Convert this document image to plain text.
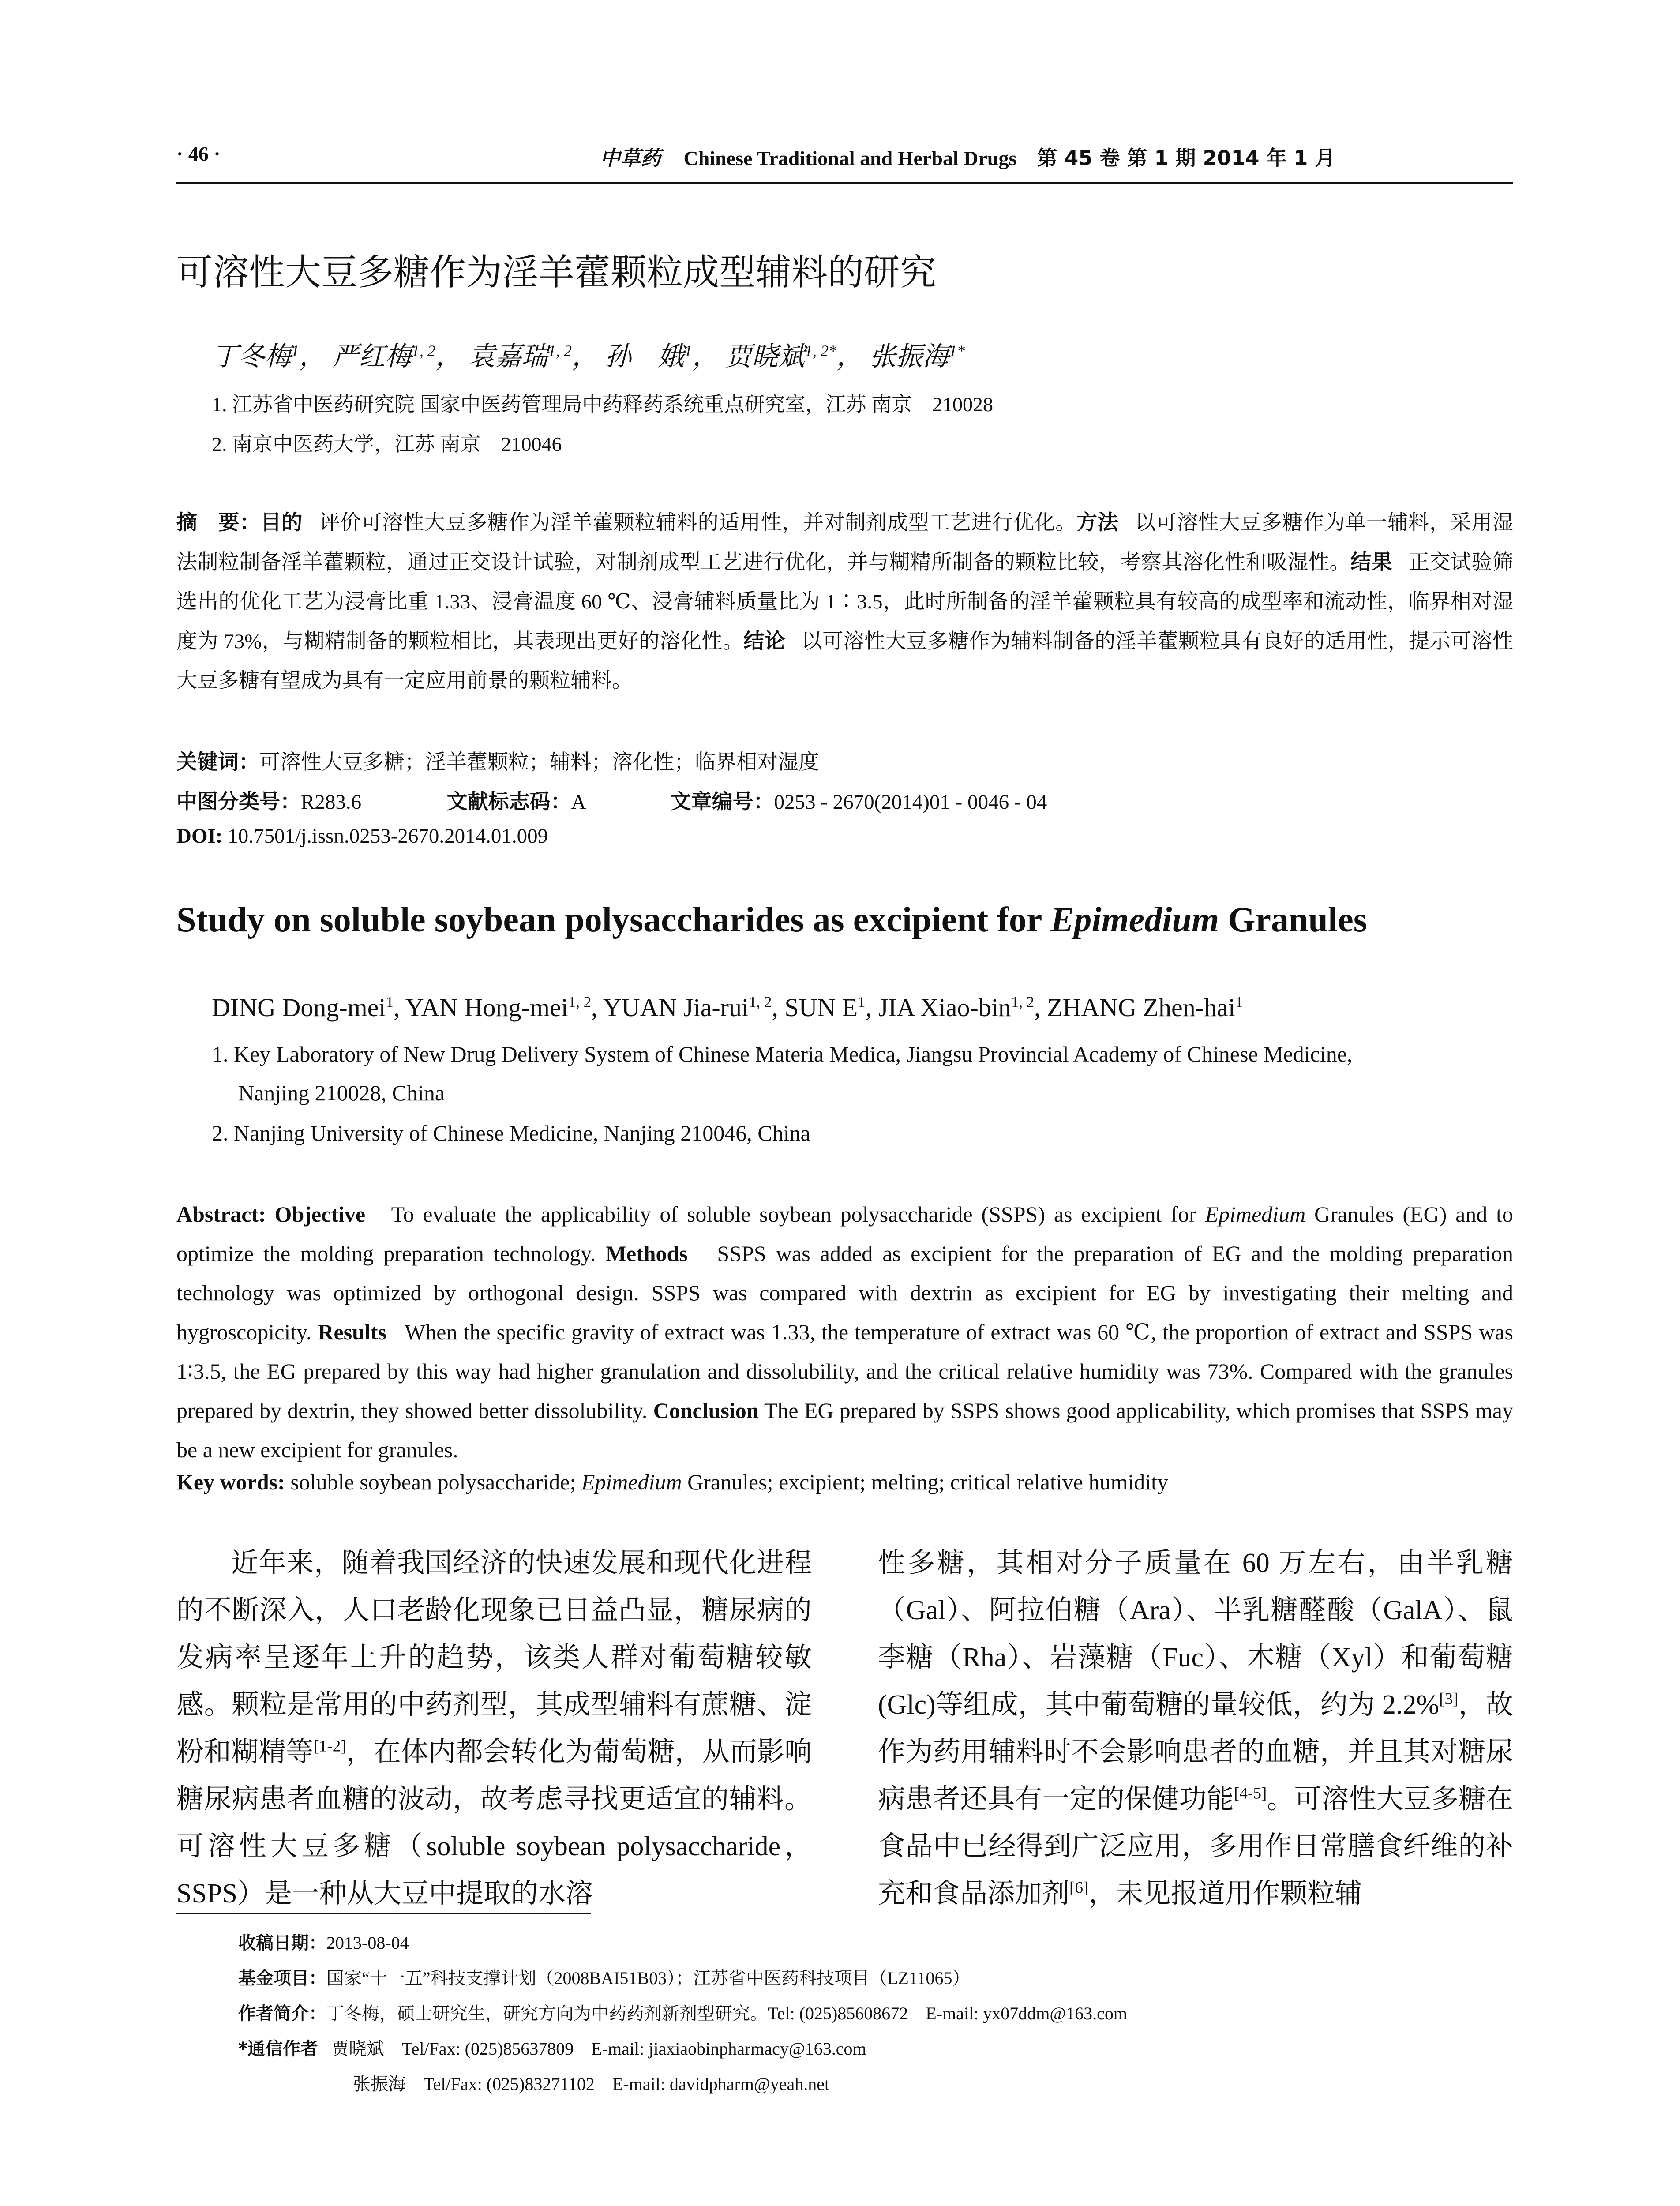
· 46 ·	中草药 Chinese Traditional and Herbal Drugs 第 45 卷 第 1 期 2014 年 1 月
可溶性大豆多糖作为淫羊藿颗粒成型辅料的研究
丁冬梅$^1$， 严红梅$^{1, 2}$， 袁嘉瑞$^{1, 2}$， 孙　娥$^1$， 贾晓斌$^{1, 2*}$， 张振海$^{1*}$
1. 江苏省中医药研究院 国家中医药管理局中药释药系统重点研究室，江苏 南京　210028
2. 南京中医药大学，江苏 南京　210046
摘　要：目的 评价可溶性大豆多糖作为淫羊藿颗粒辅料的适用性，并对制剂成型工艺进行优化。方法 以可溶性大豆多糖作为单一辅料，采用湿法制粒制备淫羊藿颗粒，通过正交设计试验，对制剂成型工艺进行优化，并与糊精所制备的颗粒比较，考察其溶化性和吸湿性。结果 正交试验筛选出的优化工艺为浸膏比重 1.33、浸膏温度 60 ℃、浸膏辅料质量比为 1∶3.5，此时所制备的淫羊藿颗粒具有较高的成型率和流动性，临界相对湿度为 73%，与糊精制备的颗粒相比，其表现出更好的溶化性。结论 以可溶性大豆多糖作为辅料制备的淫羊藿颗粒具有良好的适用性，提示可溶性大豆多糖有望成为具有一定应用前景的颗粒辅料。
关键词：可溶性大豆多糖；淫羊藿颗粒；辅料；溶化性；临界相对湿度
中图分类号：R283.6	文献标志码：A	文章编号：0253 - 2670(2014)01 - 0046 - 04
DOI: 10.7501/j.issn.0253-2670.2014.01.009
Study on soluble soybean polysaccharides as excipient for Epimedium Granules
DING Dong-mei$^1$, YAN Hong-mei$^{1, 2}$, YUAN Jia-rui$^{1, 2}$, SUN $E^1$, JIA Xiao-bin$^{1, 2}$, ZHANG Zhen-hai$^1$
1. Key Laboratory of New Drug Delivery System of Chinese Materia Medica, Jiangsu Provincial Academy of Chinese Medicine,
Nanjing 210028, China
2. Nanjing University of Chinese Medicine, Nanjing 210046, China
Abstract: Objective To evaluate the applicability of soluble soybean polysaccharide (SSPS) as excipient for Epimedium Granules (EG) and to optimize the molding preparation technology. Methods SSPS was added as excipient for the preparation of EG and the molding preparation technology was optimized by orthogonal design. SSPS was compared with dextrin as excipient for EG by investigating their melting and hygroscopicity. Results When the specific gravity of extract was 1.33, the temperature of extract was 60 ℃, the proportion of extract and SSPS was 1∶3.5, the EG prepared by this way had higher granulation and dissolubility, and the critical relative humidity was 73%. Compared with the granules prepared by dextrin, they showed better dissolubility. Conclusion The EG prepared by SSPS shows good applicability, which promises that SSPS may be a new excipient for granules.
Key words: soluble soybean polysaccharide; Epimedium Granules; excipient; melting; critical relative humidity
近年来，随着我国经济的快速发展和现代化进程的不断深入，人口老龄化现象已日益凸显，糖尿病的发病率呈逐年上升的趋势，该类人群对葡萄糖较敏感。颗粒是常用的中药剂型，其成型辅料有蔗糖、淀粉和糊精等[1-2]，在体内都会转化为葡萄糖，从而影响糖尿病患者血糖的波动，故考虑寻找更适宜的辅料。可溶性大豆多糖（soluble soybean polysaccharide，SSPS）是一种从大豆中提取的水溶
性多糖，其相对分子质量在 60 万左右，由半乳糖（Gal）、阿拉伯糖（Ara）、半乳糖醛酸（GalA）、鼠李糖（Rha）、岩藻糖（Fuc）、木糖（Xyl）和葡萄糖(Glc)等组成，其中葡萄糖的量较低，约为 2.2%[3]，故作为药用辅料时不会影响患者的血糖，并且其对糖尿病患者还具有一定的保健功能[4-5]。可溶性大豆多糖在食品中已经得到广泛应用，多用作日常膳食纤维的补充和食品添加剂[6]，未见报道用作颗粒辅
收稿日期：2013-08-04
基金项目：国家“十一五”科技支撑计划（2008BAI51B03）；江苏省中医药科技项目（LZ11065）
作者简介：丁冬梅，硕士研究生，研究方向为中药药剂新剂型研究。Tel: (025)85608672　E-mail: yx07ddm@163.com
*通信作者 贾晓斌　Tel/Fax: (025)85637809　E-mail: jiaxiaobinpharmacy@163.com
张振海　Tel/Fax: (025)83271102　E-mail: davidpharm@yeah.net
